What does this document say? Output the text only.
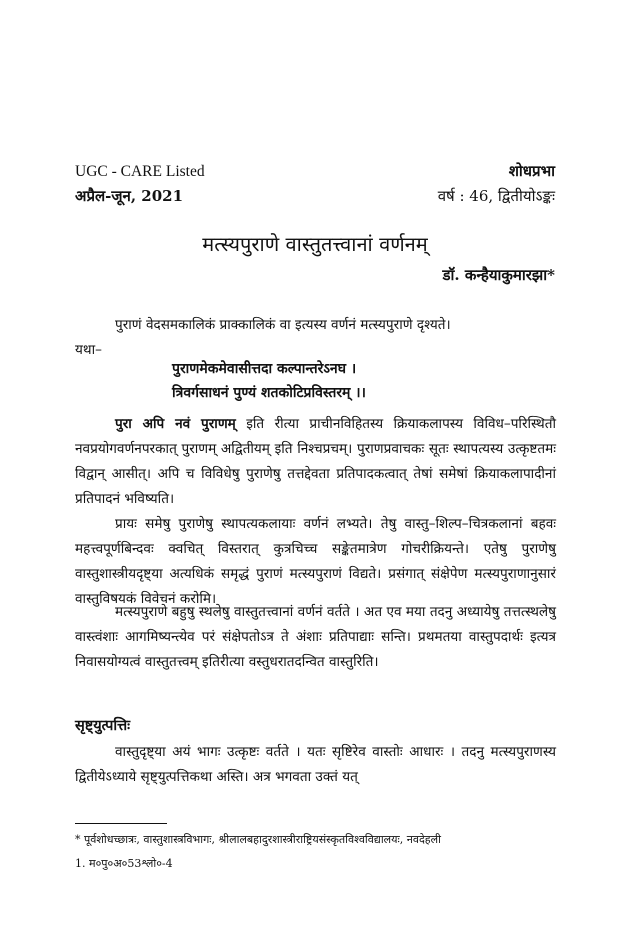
UGC - CARE Listed	शोधप्रभा
अप्रैल-जून, 2021	वर्ष : 46, द्वितीयोऽङ्कः
मत्स्यपुराणे वास्तुतत्त्वानां वर्णनम्
डॉ. कन्हैयाकुमारझा*

पुराणं वेदसमकालिकं प्राक्कालिकं वा इत्यस्य वर्णनं मत्स्यपुराणे दृश्यते।

यथा–

पुराणमेकमेवासीत्तदा कल्पान्तरेऽनघ ।
त्रिवर्गसाधनं पुण्यं शतकोटिप्रविस्तरम् ।।

पुरा अपि नवं पुराणम् इति रीत्या प्राचीनविहितस्य क्रियाकलापस्य विविध–परिस्थितौ नवप्रयोगवर्णनपरकात् पुराणम् अद्वितीयम् इति निश्चप्रचम्। पुराणप्रवाचकः सूतः स्थापत्यस्य उत्कृष्टतमः विद्वान् आसीत्। अपि च विविधेषु पुराणेषु तत्तद्देवता प्रतिपादकत्वात् तेषां समेषां क्रियाकलापादीनां प्रतिपादनं भविष्यति।

प्रायः समेषु पुराणेषु स्थापत्यकलायाः वर्णनं लभ्यते। तेषु वास्तु–शिल्प–चित्रकलानां बहवः महत्त्वपूर्णबिन्दवः क्वचित् विस्तरात् कुत्रचिच्च सङ्केतमात्रेण गोचरीक्रियन्ते। एतेषु पुराणेषु वास्तुशास्त्रीयदृष्ट्या अत्यधिकं समृद्धं पुराणं मत्स्यपुराणं विद्यते। प्रसंगात् संक्षेपेण मत्स्यपुराणानुसारं वास्तुविषयकं विवेचनं करोमि।

मत्स्यपुराणे बहुषु स्थलेषु वास्तुतत्त्वानां वर्णनं वर्तते । अत एव मया तदनु अध्यायेषु तत्तत्स्थलेषु वास्त्वंशाः आगमिष्यन्त्येव परं संक्षेपतोऽत्र ते अंशाः प्रतिपाद्याः सन्ति। प्रथमतया वास्तुपदार्थः इत्यत्र निवासयोग्यत्वं वास्तुतत्त्वम् इतिरीत्या वस्तुधरातदन्वित वास्तुरिति।

सृष्ट्युत्पत्तिः

वास्तुदृष्ट्या अयं भागः उत्कृष्टः वर्तते । यतः सृष्टिरेव वास्तोः आधारः । तदनु मत्स्यपुराणस्य द्वितीयेऽध्याये सृष्ट्युत्पत्तिकथा अस्ति। अत्र भगवता उक्तं यत्

* पूर्वशोधच्छात्रः, वास्तुशास्त्रविभागः, श्रीलालबहादुरशास्त्रीराष्ट्रियसंस्कृतविश्वविद्यालयः, नवदेहली
1. म०पु०अ०53श्लो०-4
